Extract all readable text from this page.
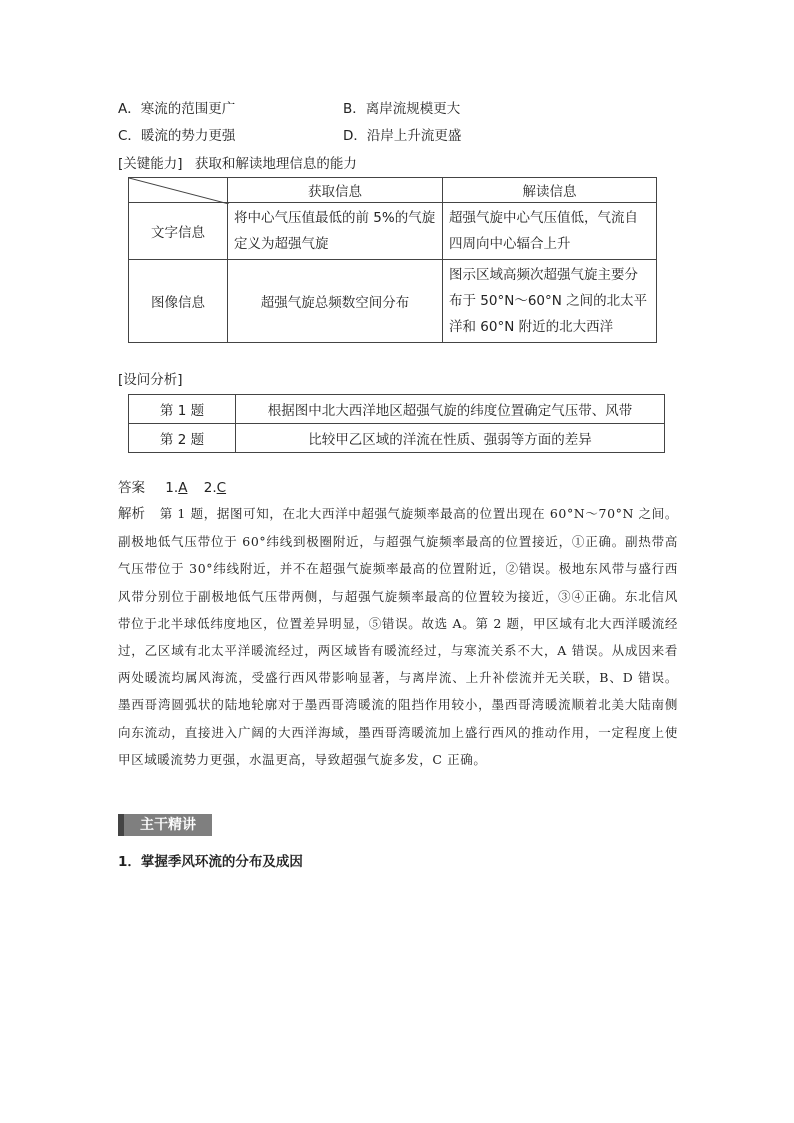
A．寒流的范围更广	B．离岸流规模更大
C．暖流的势力更强	D．沿岸上升流更盛
[关键能力] 获取和解读地理信息的能力
	获取信息	解读信息
文字信息	将中心气压值最低的前 5%的气旋定义为超强气旋	超强气旋中心气压值低，气流自四周向中心辐合上升
图像信息	超强气旋总频数空间分布	图示区域高频次超强气旋主要分布于 50°N～60°N 之间的北太平洋和 60°N 附近的北大西洋
[设问分析]
第 1 题	根据图中北大西洋地区超强气旋的纬度位置确定气压带、风带
第 2 题	比较甲乙区域的洋流在性质、强弱等方面的差异
答案 1.A 2.C
解析 第 1 题，据图可知，在北大西洋中超强气旋频率最高的位置出现在 60°N～70°N 之间。副极地低气压带位于 60°纬线到极圈附近，与超强气旋频率最高的位置接近，①正确。副热带高气压带位于 30°纬线附近，并不在超强气旋频率最高的位置附近，②错误。极地东风带与盛行西风带分别位于副极地低气压带两侧，与超强气旋频率最高的位置较为接近，③④正确。东北信风带位于北半球低纬度地区，位置差异明显，⑤错误。故选 A。第 2 题，甲区域有北大西洋暖流经过，乙区域有北太平洋暖流经过，两区域皆有暖流经过，与寒流关系不大，A 错误。从成因来看两处暖流均属风海流，受盛行西风带影响显著，与离岸流、上升补偿流并无关联，B、D 错误。墨西哥湾圆弧状的陆地轮廓对于墨西哥湾暖流的阻挡作用较小，墨西哥湾暖流顺着北美大陆南侧向东流动，直接进入广阔的大西洋海域，墨西哥湾暖流加上盛行西风的推动作用，一定程度上使甲区域暖流势力更强，水温更高，导致超强气旋多发，C 正确。
主干精讲
1．掌握季风环流的分布及成因
